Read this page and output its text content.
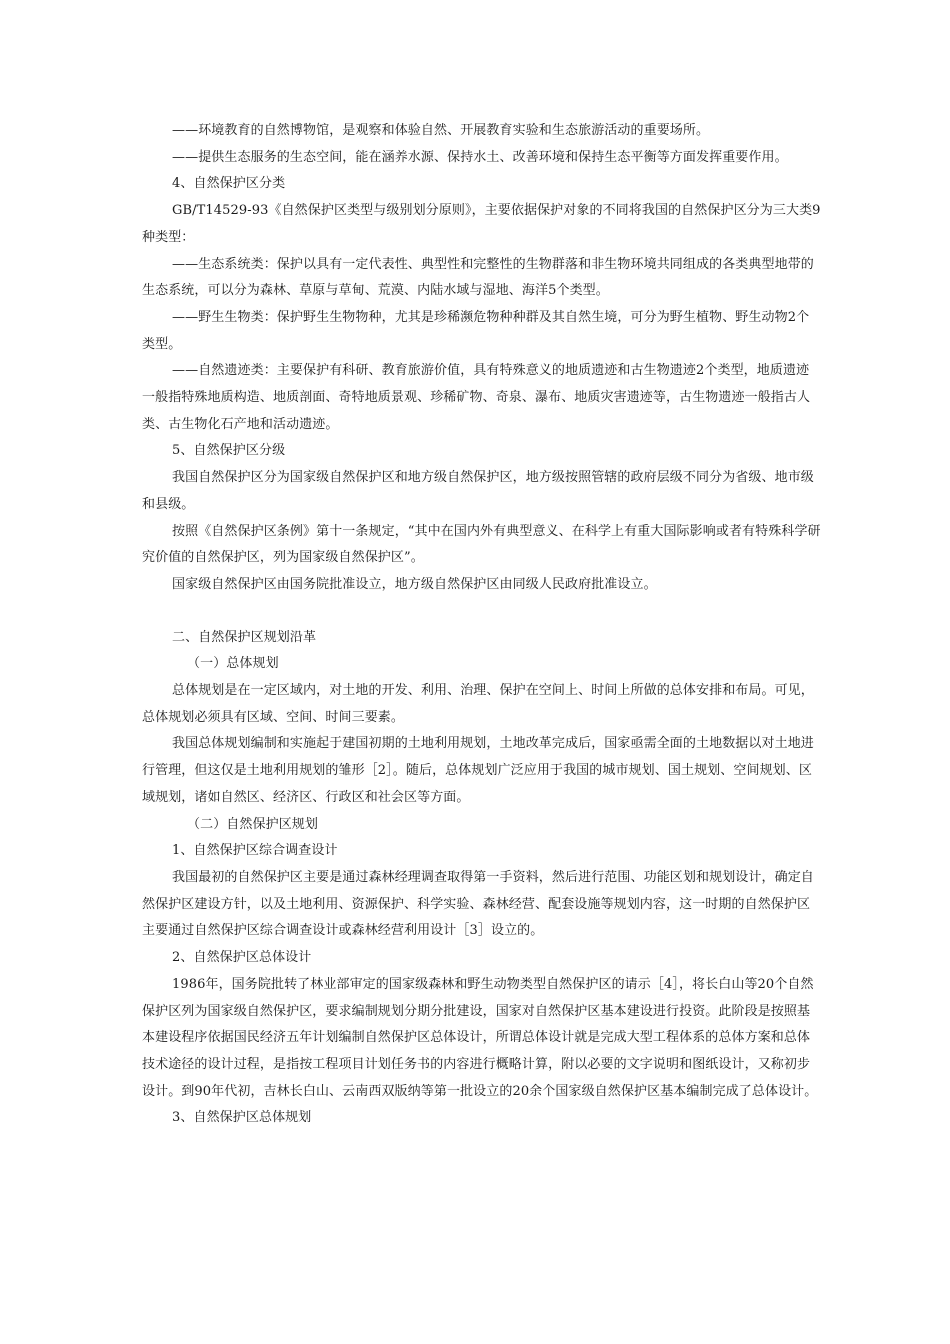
——环境教育的自然博物馆，是观察和体验自然、开展教育实验和生态旅游活动的重要场所。

——提供生态服务的生态空间，能在涵养水源、保持水土、改善环境和保持生态平衡等方面发挥重要作用。

4、自然保护区分类

GB/T14529-93《自然保护区类型与级别划分原则》，主要依据保护对象的不同将我国的自然保护区分为三大类9种类型：

——生态系统类：保护以具有一定代表性、典型性和完整性的生物群落和非生物环境共同组成的各类典型地带的生态系统，可以分为森林、草原与草甸、荒漠、内陆水域与湿地、海洋5个类型。

——野生生物类：保护野生生物物种，尤其是珍稀濒危物种种群及其自然生境，可分为野生植物、野生动物2个类型。

——自然遗迹类：主要保护有科研、教育旅游价值，具有特殊意义的地质遗迹和古生物遗迹2个类型，地质遗迹一般指特殊地质构造、地质剖面、奇特地质景观、珍稀矿物、奇泉、瀑布、地质灾害遗迹等，古生物遗迹一般指古人类、古生物化石产地和活动遗迹。

5、自然保护区分级

我国自然保护区分为国家级自然保护区和地方级自然保护区，地方级按照管辖的政府层级不同分为省级、地市级和县级。

按照《自然保护区条例》第十一条规定，“其中在国内外有典型意义、在科学上有重大国际影响或者有特殊科学研究价值的自然保护区，列为国家级自然保护区”。

国家级自然保护区由国务院批准设立，地方级自然保护区由同级人民政府批准设立。

二、自然保护区规划沿革

（一）总体规划

总体规划是在一定区域内，对土地的开发、利用、治理、保护在空间上、时间上所做的总体安排和布局。可见，总体规划必须具有区域、空间、时间三要素。

我国总体规划编制和实施起于建国初期的土地利用规划，土地改革完成后，国家亟需全面的土地数据以对土地进行管理，但这仅是土地利用规划的雏形［2］。随后，总体规划广泛应用于我国的城市规划、国土规划、空间规划、区域规划，诸如自然区、经济区、行政区和社会区等方面。

（二）自然保护区规划

1、自然保护区综合调查设计

我国最初的自然保护区主要是通过森林经理调查取得第一手资料，然后进行范围、功能区划和规划设计，确定自然保护区建设方针，以及土地利用、资源保护、科学实验、森林经营、配套设施等规划内容，这一时期的自然保护区主要通过自然保护区综合调查设计或森林经营利用设计［3］设立的。

2、自然保护区总体设计

1986年，国务院批转了林业部审定的国家级森林和野生动物类型自然保护区的请示［4］，将长白山等20个自然保护区列为国家级自然保护区，要求编制规划分期分批建设，国家对自然保护区基本建设进行投资。此阶段是按照基本建设程序依据国民经济五年计划编制自然保护区总体设计，所谓总体设计就是完成大型工程体系的总体方案和总体技术途径的设计过程，是指按工程项目计划任务书的内容进行概略计算，附以必要的文字说明和图纸设计，又称初步设计。到90年代初，吉林长白山、云南西双版纳等第一批设立的20余个国家级自然保护区基本编制完成了总体设计。

3、自然保护区总体规划
